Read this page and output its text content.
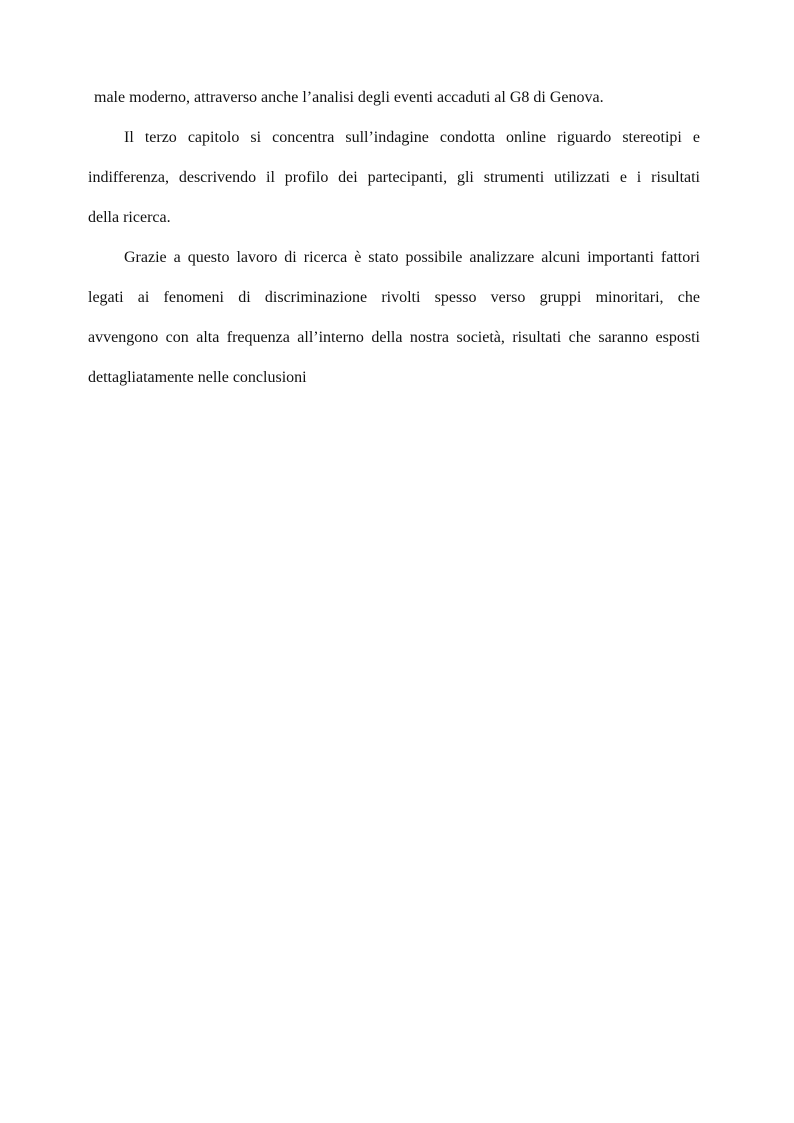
male moderno, attraverso anche l’analisi degli eventi accaduti al G8 di Genova.

Il terzo capitolo si concentra sull’indagine condotta online riguardo stereotipi e

indifferenza, descrivendo il profilo dei partecipanti, gli strumenti utilizzati e i risultati

della ricerca.

Grazie a questo lavoro di ricerca è stato possibile analizzare alcuni importanti fattori

legati ai fenomeni di discriminazione rivolti spesso verso gruppi minoritari, che

avvengono con alta frequenza all’interno della nostra società, risultati che saranno esposti

dettagliatamente nelle conclusioni
